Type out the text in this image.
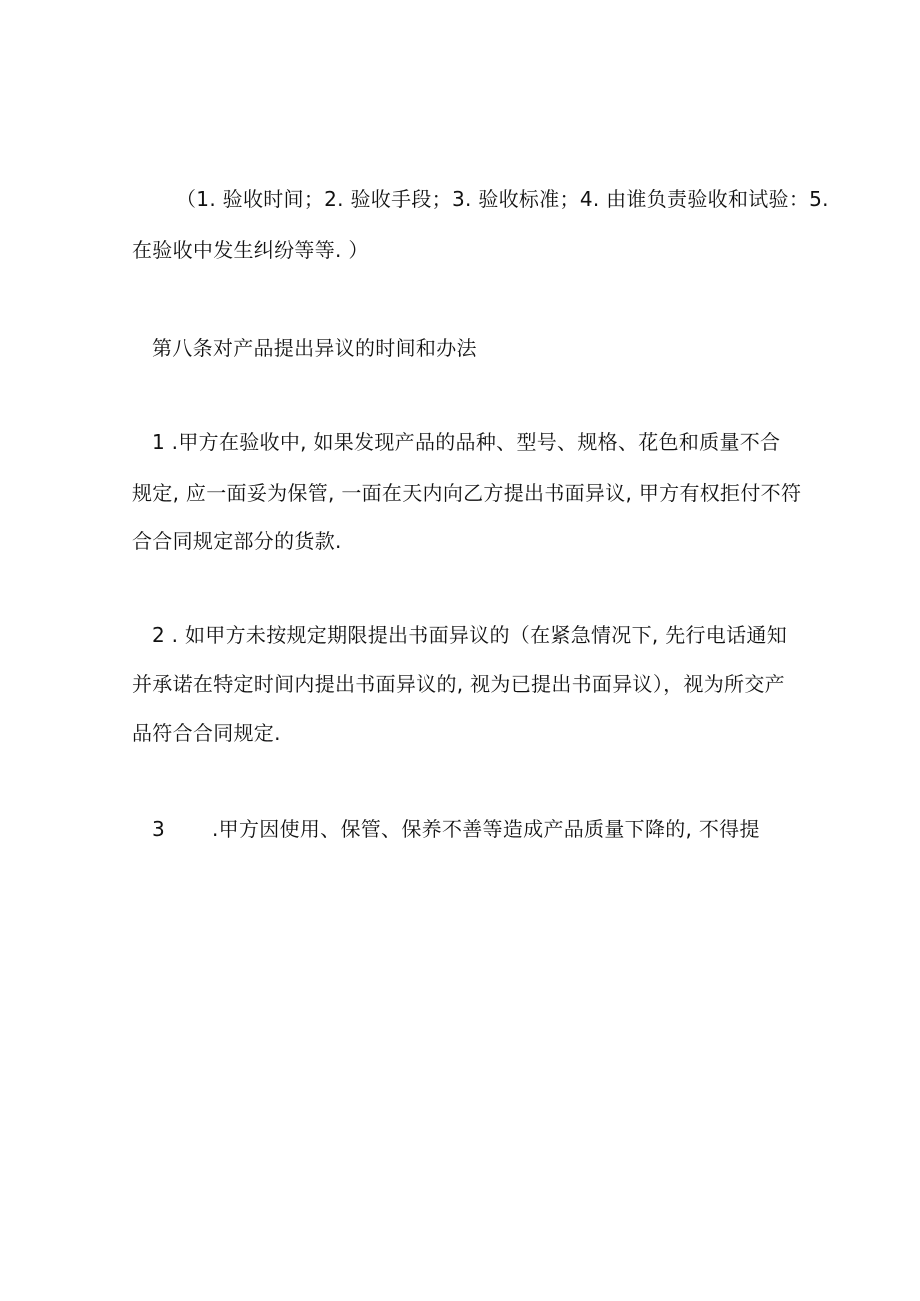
（1. 验收时间；2. 验收手段；3. 验收标准；4. 由谁负责验收和试验：5.
在验收中发生纠纷等等. ）
第八条对产品提出异议的时间和办法
1 .甲方在验收中, 如果发现产品的品种、型号、规格、花色和质量不合
规定, 应一面妥为保管, 一面在天内向乙方提出书面异议, 甲方有权拒付不符
合合同规定部分的货款.
2 . 如甲方未按规定期限提出书面异议的（在紧急情况下, 先行电话通知
并承诺在特定时间内提出书面异议的, 视为已提出书面异议），视为所交产
品符合合同规定.
3 .甲方因使用、保管、保养不善等造成产品质量下降的, 不得提
